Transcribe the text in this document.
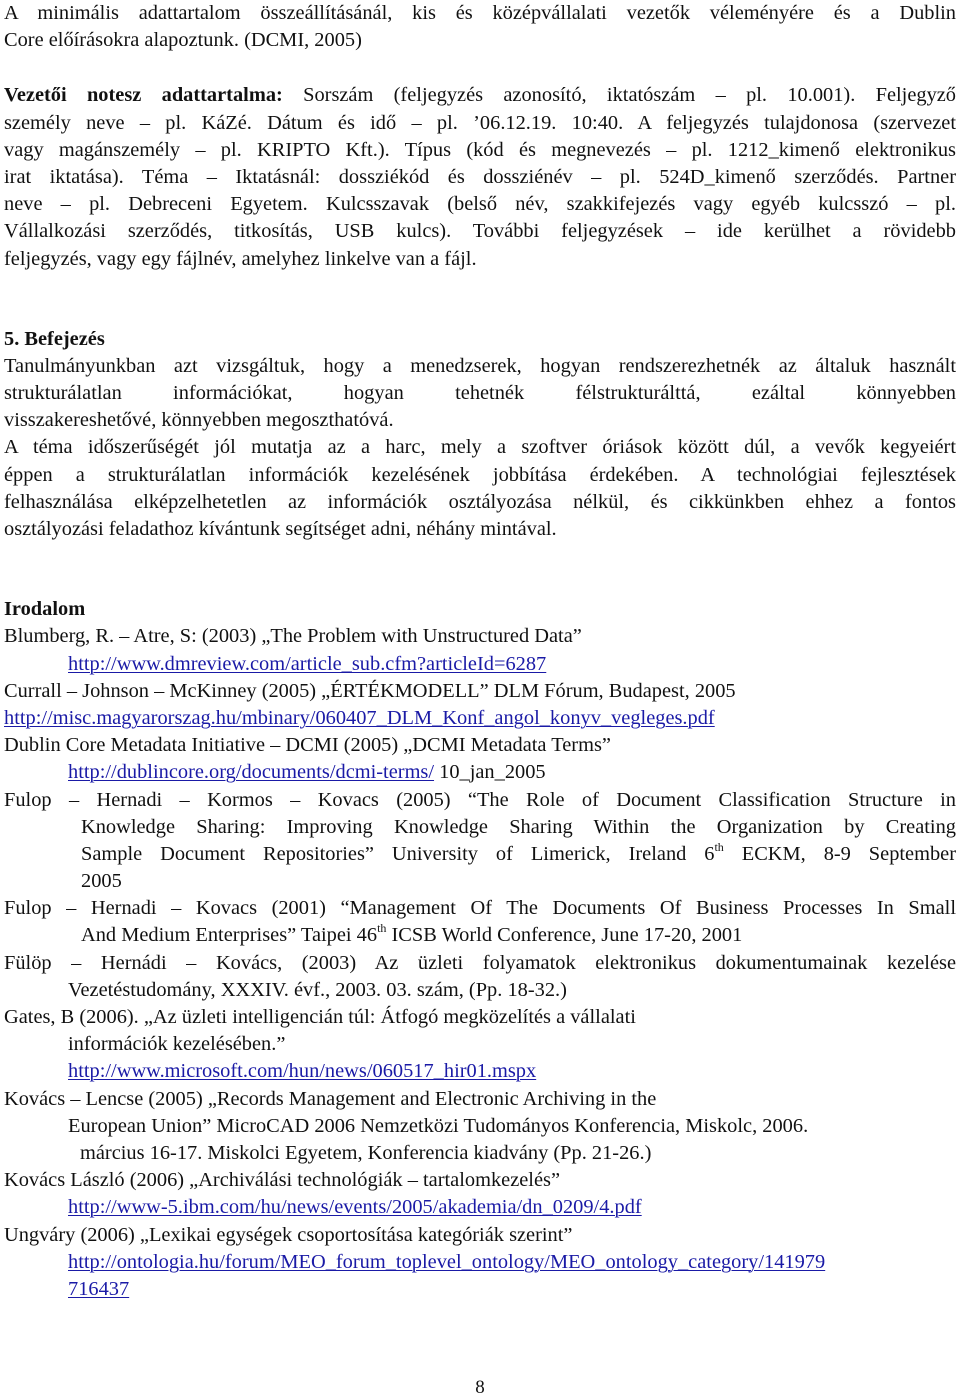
A minimális adattartalom összeállításánál, kis és középvállalati vezetők véleményére és a Dublin
Core előírásokra alapoztunk. (DCMI, 2005)
Vezetői notesz adattartalma: Sorszám (feljegyzés azonosító, iktatószám – pl. 10.001). Feljegyző
személy neve – pl. KáZé. Dátum és idő – pl. ’06.12.19. 10:40. A feljegyzés tulajdonosa (szervezet
vagy magánszemély – pl. KRIPTO Kft.). Típus (kód és megnevezés – pl. 1212_kimenő elektronikus
irat iktatása). Téma – Iktatásnál: dossziékód és dossziénév – pl. 524D_kimenő szerződés. Partner
neve – pl. Debreceni Egyetem. Kulcsszavak (belső név, szakkifejezés vagy egyéb kulcsszó – pl.
Vállalkozási szerződés, titkosítás, USB kulcs). További feljegyzések – ide kerülhet a rövidebb
feljegyzés, vagy egy fájlnév, amelyhez linkelve van a fájl.
5. Befejezés
Tanulmányunkban azt vizsgáltuk, hogy a menedzserek, hogyan rendszerezhetnék az általuk használt
strukturálatlan információkat, hogyan tehetnék félstrukturálttá, ezáltal könnyebben
visszakereshetővé, könnyebben megoszthatóvá.
A téma időszerűségét jól mutatja az a harc, mely a szoftver óriások között dúl, a vevők kegyeiért
éppen a strukturálatlan információk kezelésének jobbítása érdekében. A technológiai fejlesztések
felhasználása elképzelhetetlen az információk osztályozása nélkül, és cikkünkben ehhez a fontos
osztályozási feladathoz kívántunk segítséget adni, néhány mintával.
Irodalom
Blumberg, R. – Atre, S: (2003) „The Problem with Unstructured Data”
http://www.dmreview.com/article_sub.cfm?articleId=6287
Currall – Johnson – McKinney (2005) „ÉRTÉKMODELL” DLM Fórum, Budapest, 2005
http://misc.magyarorszag.hu/mbinary/060407_DLM_Konf_angol_konyv_vegleges.pdf
Dublin Core Metadata Initiative – DCMI (2005) „DCMI Metadata Terms”
http://dublincore.org/documents/dcmi-terms/ 10_jan_2005
Fulop – Hernadi – Kormos – Kovacs (2005) “The Role of Document Classification Structure in
Knowledge Sharing: Improving Knowledge Sharing Within the Organization by Creating
Sample Document Repositories” University of Limerick, Ireland 6th ECKM, 8-9 September
2005
Fulop – Hernadi – Kovacs (2001) “Management Of The Documents Of Business Processes In Small
And Medium Enterprises” Taipei 46th ICSB World Conference, June 17-20, 2001
Fülöp – Hernádi – Kovács, (2003) Az üzleti folyamatok elektronikus dokumentumainak kezelése
Vezetéstudomány, XXXIV. évf., 2003. 03. szám, (Pp. 18-32.)
Gates, B (2006). „Az üzleti intelligencián túl: Átfogó megközelítés a vállalati
információk kezelésében.”
http://www.microsoft.com/hun/news/060517_hir01.mspx
Kovács – Lencse (2005) „Records Management and Electronic Archiving in the
European Union” MicroCAD 2006 Nemzetközi Tudományos Konferencia, Miskolc, 2006.
március 16-17. Miskolci Egyetem, Konferencia kiadvány (Pp. 21-26.)
Kovács László (2006) „Archiválási technológiák – tartalomkezelés”
http://www-5.ibm.com/hu/news/events/2005/akademia/dn_0209/4.pdf
Ungváry (2006) „Lexikai egységek csoportosítása kategóriák szerint”
http://ontologia.hu/forum/MEO_forum_toplevel_ontology/MEO_ontology_category/141979
716437
8
